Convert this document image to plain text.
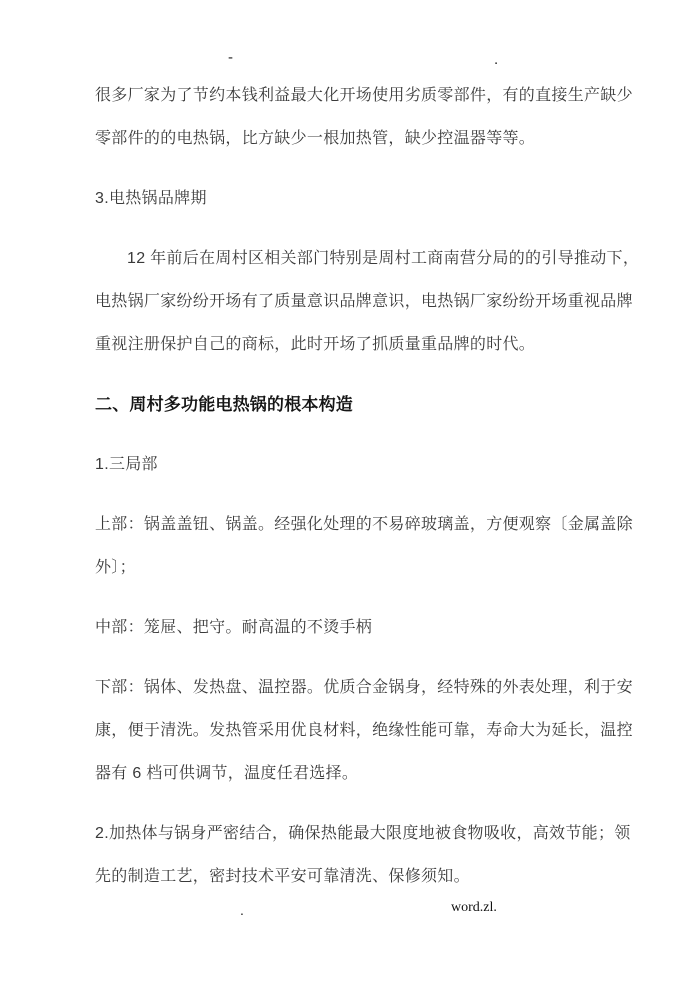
-	.
很多厂家为了节约本钱利益最大化开场使用劣质零部件，有的直接生产缺少
零部件的的电热锅，比方缺少一根加热管，缺少控温器等等。
3.电热锅品牌期
12 年前后在周村区相关部门特别是周村工商南营分局的的引导推动下，
电热锅厂家纷纷开场有了质量意识品牌意识，电热锅厂家纷纷开场重视品牌
重视注册保护自己的商标，此时开场了抓质量重品牌的时代。
二、周村多功能电热锅的根本构造
1.三局部
上部：锅盖盖钮、锅盖。经强化处理的不易碎玻璃盖，方便观察〔金属盖除
外〕；
中部：笼屉、把守。耐高温的不烫手柄
下部：锅体、发热盘、温控器。优质合金锅身，经特殊的外表处理，利于安
康，便于清洗。发热管采用优良材料，绝缘性能可靠，寿命大为延长，温控
器有 6 档可供调节，温度任君选择。
2.加热体与锅身严密结合，确保热能最大限度地被食物吸收，高效节能；领
先的制造工艺，密封技术平安可靠清洗、保修须知。
.	word.zl.
